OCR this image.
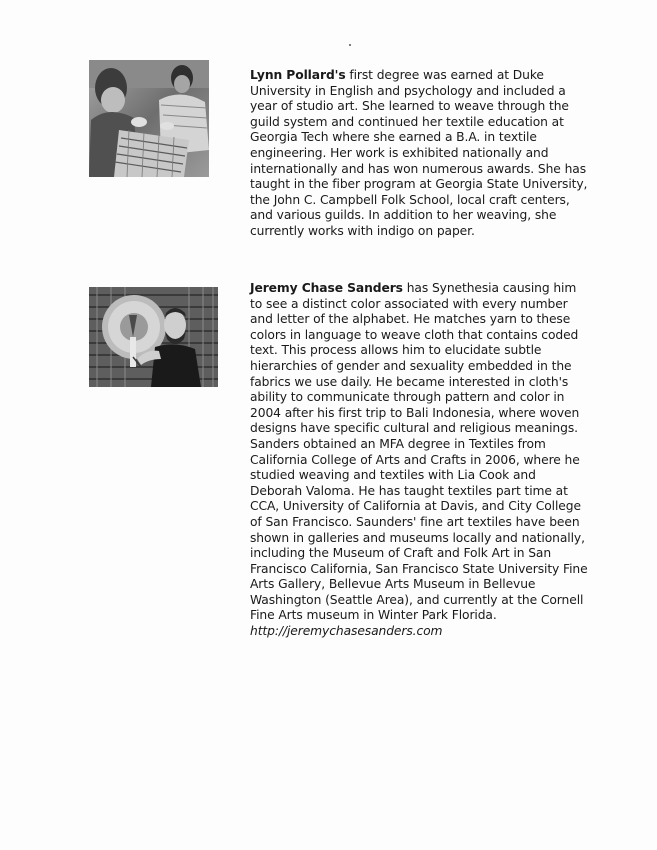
Lynn Pollard's first degree was earned at Duke University in English and psychology and included a year of studio art. She learned to weave through the guild system and continued her textile education at Georgia Tech where she earned a B.A. in textile engineering. Her work is exhibited nationally and internationally and has won numerous awards. She has taught in the fiber program at Georgia State University, the John C. Campbell Folk School, local craft centers, and various guilds. In addition to her weaving, she currently works with indigo on paper.
Jeremy Chase Sanders has Synethesia causing him to see a distinct color associated with every number and letter of the alphabet. He matches yarn to these colors in language to weave cloth that contains coded text. This process allows him to elucidate subtle hierarchies of gender and sexuality embedded in the fabrics we use daily. He became interested in cloth's ability to communicate through pattern and color in 2004 after his first trip to Bali Indonesia, where woven designs have specific cultural and religious meanings. Sanders obtained an MFA degree in Textiles from California College of Arts and Crafts in 2006, where he studied weaving and textiles with Lia Cook and Deborah Valoma. He has taught textiles part time at CCA, University of California at Davis, and City College of San Francisco. Saunders' fine art textiles have been shown in galleries and museums locally and nationally, including the Museum of Craft and Folk Art in San Francisco California, San Francisco State University Fine Arts Gallery, Bellevue Arts Museum in Bellevue Washington (Seattle Area), and currently at the Cornell Fine Arts museum in Winter Park Florida.
http://jeremychasesanders.com
